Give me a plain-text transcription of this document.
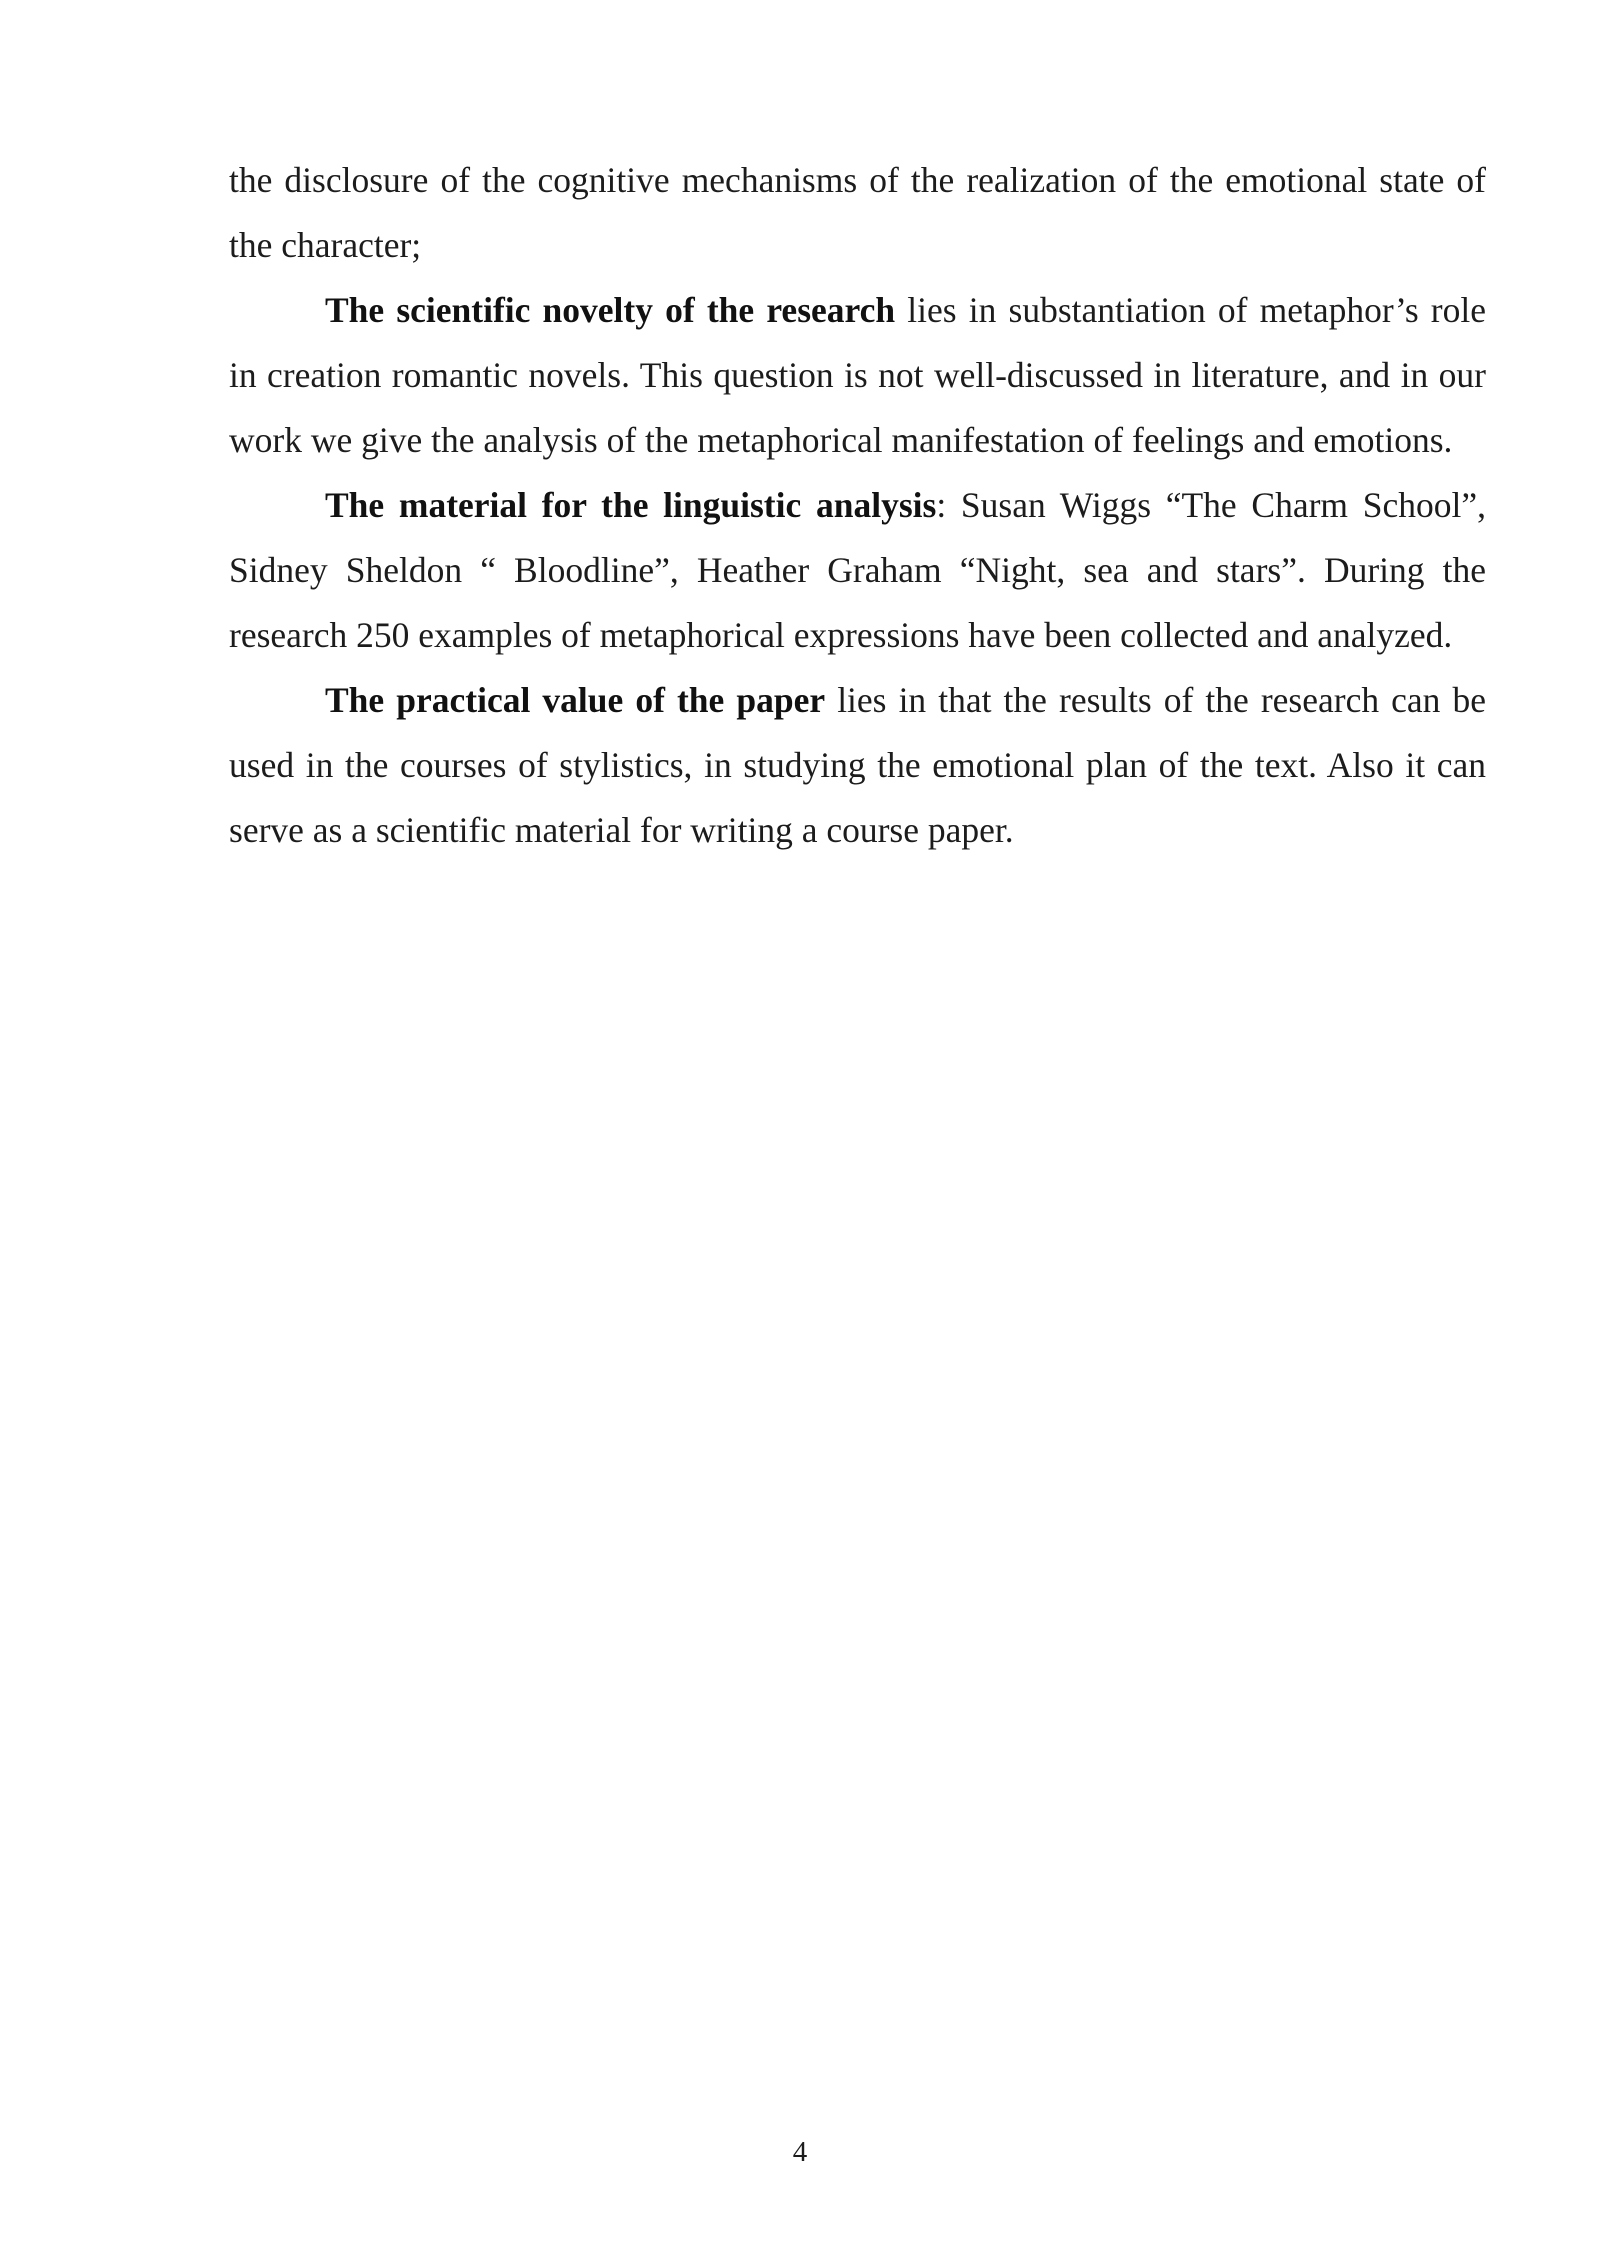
the disclosure of the cognitive mechanisms of the realization of the emotional state of the character;

The scientific novelty of the research lies in substantiation of metaphor’s role in creation romantic novels. This question is not well-discussed in literature, and in our work we give the analysis of the metaphorical manifestation of feelings and emotions.

The material for the linguistic analysis: Susan Wiggs “The Charm School”, Sidney Sheldon “ Bloodline”, Heather Graham “Night, sea and stars”. During the research 250 examples of metaphorical expressions have been collected and analyzed.

The practical value of the paper lies in that the results of the research can be used in the courses of stylistics, in studying the emotional plan of the text. Also it can serve as a scientific material for writing a course paper.

4
